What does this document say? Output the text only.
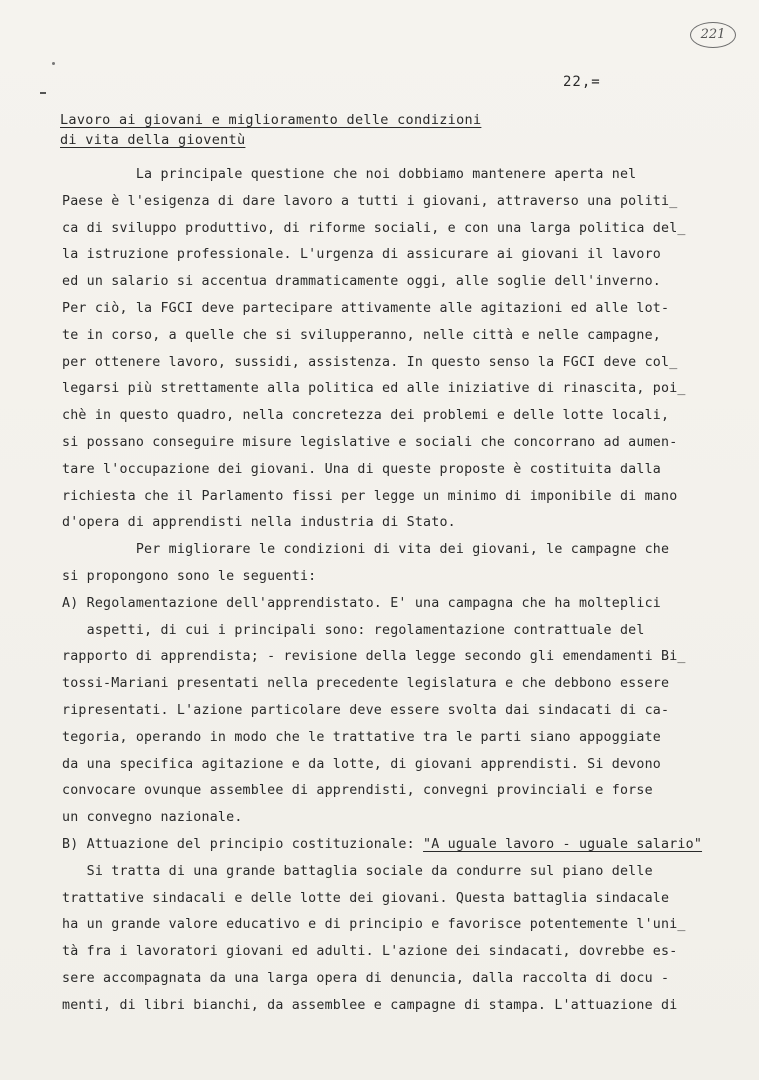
221
22,=
Lavoro ai giovani e miglioramento delle condizioni
di vita della gioventù
La principale questione che noi dobbiamo mantenere aperta nel
Paese è l'esigenza di dare lavoro a tutti i giovani, attraverso una politi_
ca di sviluppo produttivo, di riforme sociali, e con una larga politica del_
la istruzione professionale. L'urgenza di assicurare ai giovani il lavoro
ed un salario si accentua drammaticamente oggi, alle soglie dell'inverno.
Per ciò, la FGCI deve partecipare attivamente alle agitazioni ed alle lot-
te in corso, a quelle che si svilupperanno, nelle città e nelle campagne,
per ottenere lavoro, sussidi, assistenza. In questo senso la FGCI deve col_
legarsi più strettamente alla politica ed alle iniziative di rinascita, poi_
chè in questo quadro, nella concretezza dei problemi e delle lotte locali,
si possano conseguire misure legislative e sociali che concorrano ad aumen-
tare l'occupazione dei giovani. Una di queste proposte è costituita dalla
richiesta che il Parlamento fissi per legge un minimo di imponibile di mano
d'opera di apprendisti nella industria di Stato.
Per migliorare le condizioni di vita dei giovani, le campagne che
si propongono sono le seguenti:
A) Regolamentazione dell'apprendistato. E' una campagna che ha molteplici
aspetti, di cui i principali sono: regolamentazione contrattuale del
rapporto di apprendista; - revisione della legge secondo gli emendamenti Bi_
tossi-Mariani presentati nella precedente legislatura e che debbono essere
ripresentati. L'azione particolare deve essere svolta dai sindacati di ca-
tegoria, operando in modo che le trattative tra le parti siano appoggiate
da una specifica agitazione e da lotte, di giovani apprendisti. Si devono
convocare ovunque assemblee di apprendisti, convegni provinciali e forse
un convegno nazionale.
B) Attuazione del principio costituzionale: "A uguale lavoro - uguale salario"
Si tratta di una grande battaglia sociale da condurre sul piano delle
trattative sindacali e delle lotte dei giovani. Questa battaglia sindacale
ha un grande valore educativo e di principio e favorisce potentemente l'uni_
tà fra i lavoratori giovani ed adulti. L'azione dei sindacati, dovrebbe es-
sere accompagnata da una larga opera di denuncia, dalla raccolta di docu -
menti, di libri bianchi, da assemblee e campagne di stampa. L'attuazione di
